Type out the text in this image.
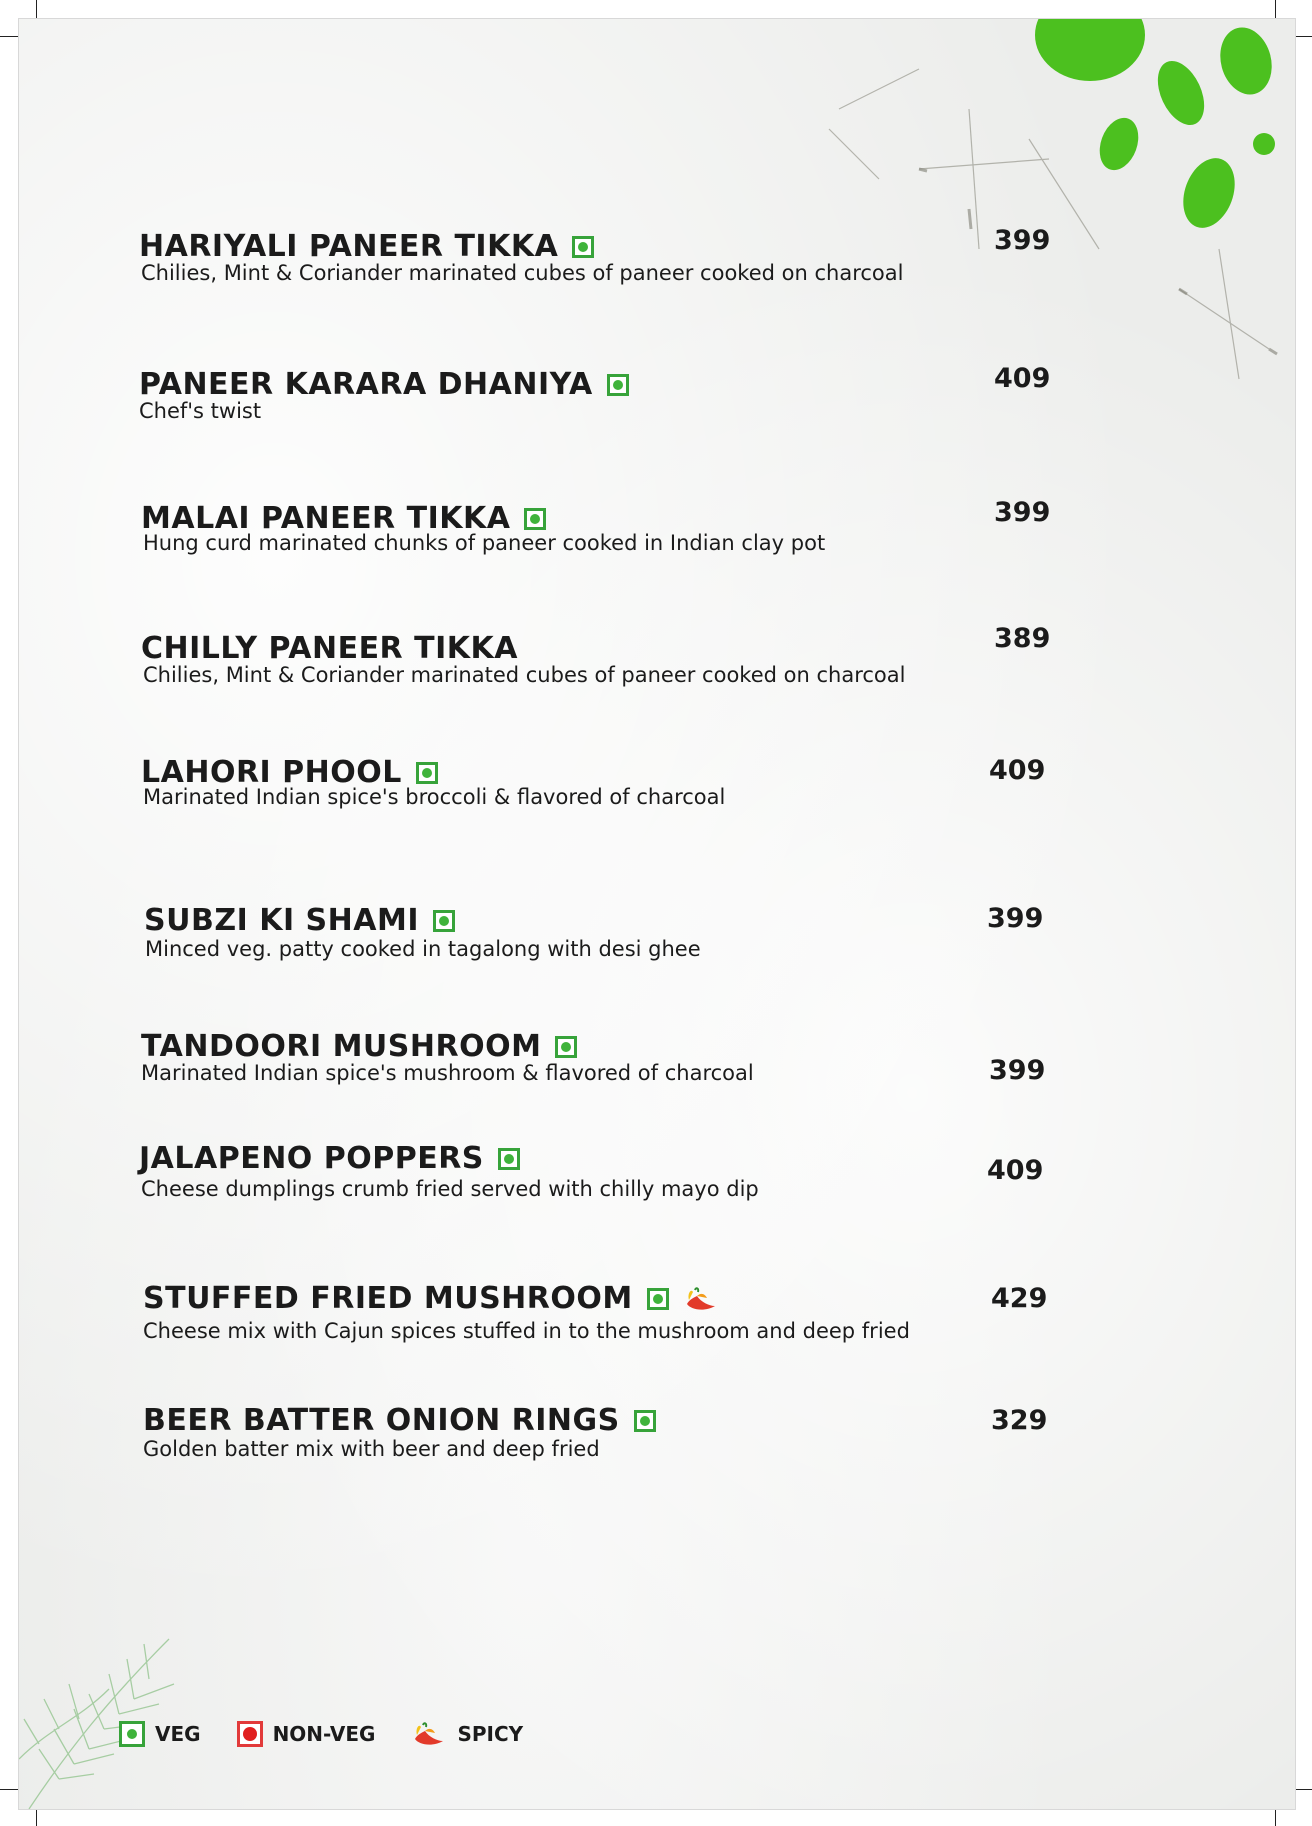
HARIYALI PANEER TIKKA
Chilies, Mint & Coriander marinated cubes of paneer cooked on charcoal
399
PANEER KARARA DHANIYA
Chef's twist
409
MALAI PANEER TIKKA
Hung curd marinated chunks of paneer cooked in Indian clay pot
399
CHILLY PANEER TIKKA
Chilies, Mint & Coriander marinated cubes of paneer cooked on charcoal
389
LAHORI PHOOL
Marinated Indian spice's broccoli & flavored of charcoal
409
SUBZI KI SHAMI
Minced veg. patty cooked in tagalong with desi ghee
399
TANDOORI MUSHROOM
Marinated Indian spice's mushroom & flavored of charcoal	399
JALAPENO POPPERS
Cheese dumplings crumb fried served with chilly mayo dip
409
STUFFED FRIED MUSHROOM
Cheese mix with Cajun spices stuffed in to the mushroom and deep fried
429
BEER BATTER ONION RINGS
Golden batter mix with beer and deep fried
329
VEG	NON-VEG	SPICY
